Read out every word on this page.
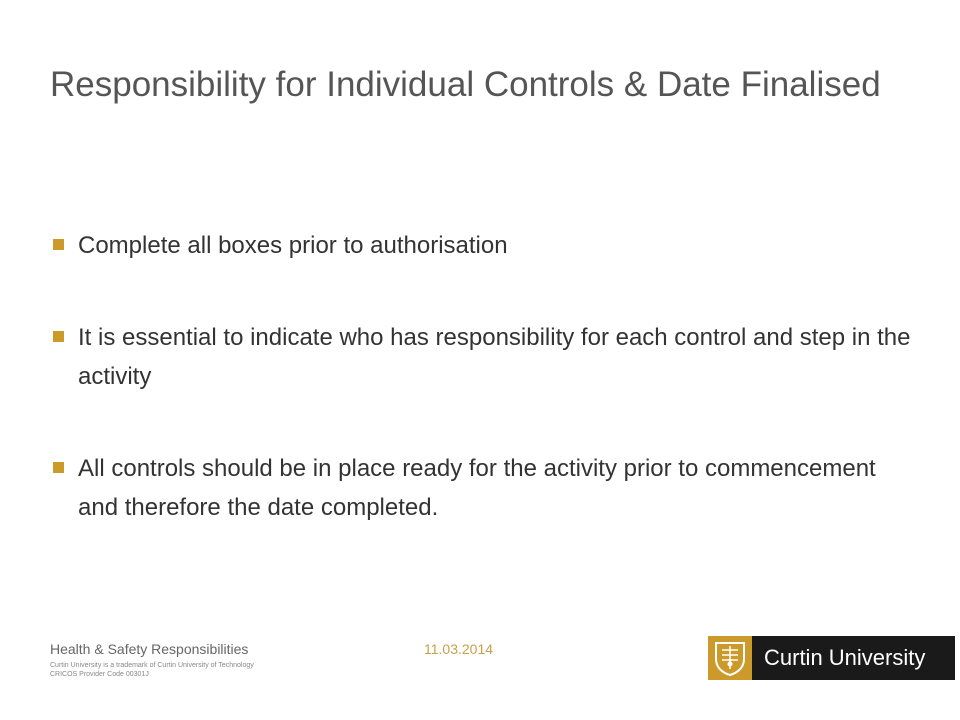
Responsibility for Individual Controls & Date Finalised
Complete all boxes prior to authorisation
It is essential to indicate who has responsibility for each control and step in the activity
All controls should be in place ready for the activity prior to commencement and therefore the date completed.
Health & Safety Responsibilities	11.03.2014
Curtin University is a trademark of Curtin University of Technology
CRICOS Provider Code 00301J
Curtin University
